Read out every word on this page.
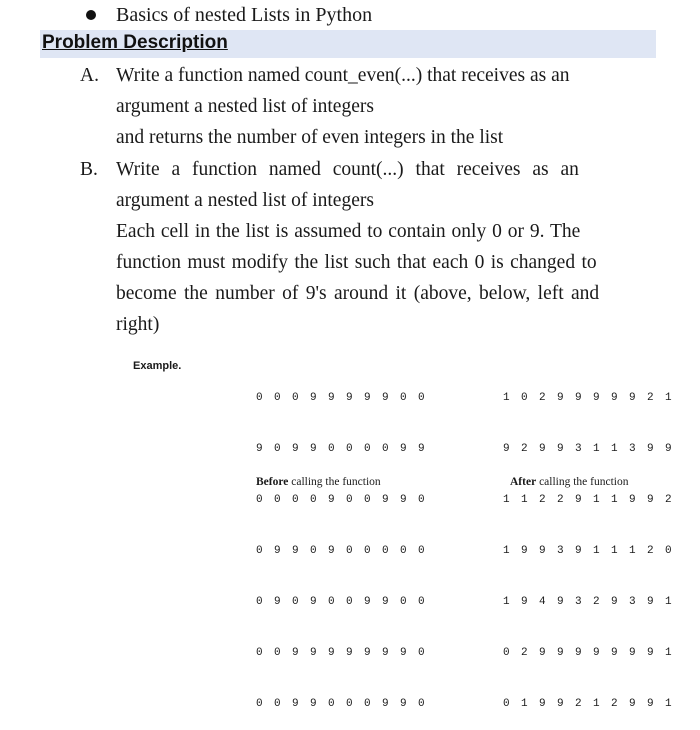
Basics of nested Lists in Python
Problem Description
A. Write a function named count_even(...) that receives as an
argument a nested list of integers
and returns the number of even integers in the list
B. Write a function named count(...) that receives as an
argument a nested list of integers
Each cell in the list is assumed to contain only 0 or 9. The
function must modify the list such that each 0 is changed to
become the number of 9's around it (above, below, left and
right)
Example.

0 0 0 9 9 9 9 9 0 0

9 0 9 9 0 0 0 0 9 9

0 0 0 0 9 0 0 9 9 0

0 9 9 0 9 0 0 0 0 0

0 9 0 9 0 0 9 9 0 0

0 0 9 9 9 9 9 9 9 0

0 0 9 9 0 0 0 9 9 0

1 0 2 9 9 9 9 9 2 1

9 2 9 9 3 1 1 3 9 9

1 1 2 2 9 1 1 9 9 2

1 9 9 3 9 1 1 1 2 0

1 9 4 9 3 2 9 3 9 1

0 2 9 9 9 9 9 9 9 1

0 1 9 9 2 1 2 9 9 1

Before calling the function	After calling the function
